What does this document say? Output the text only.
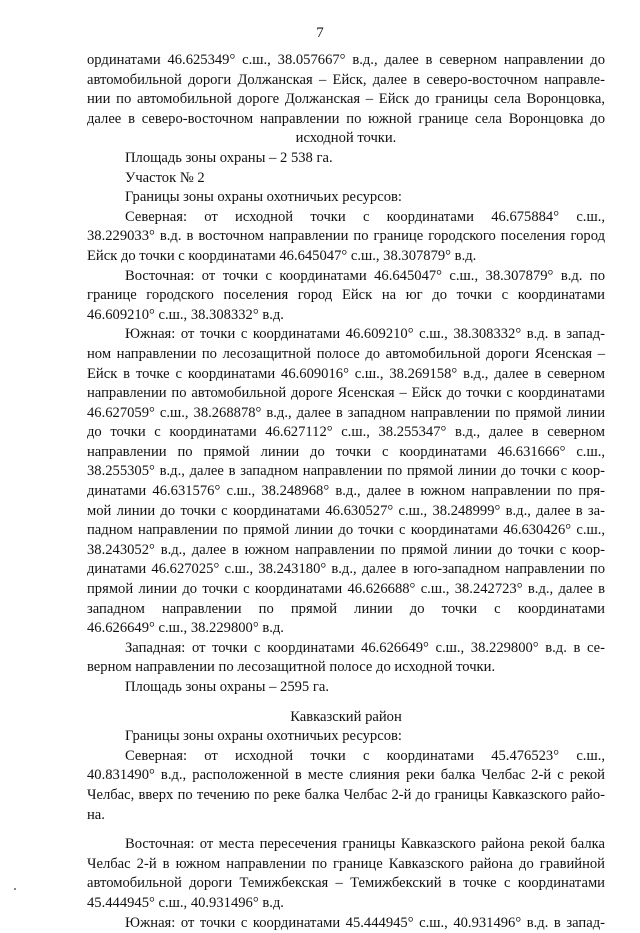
7
ординатами 46.625349° с.ш., 38.057667° в.д., далее в северном направлении до
автомобильной дороги Должанская – Ейск, далее в северо-восточном направле-
нии по автомобильной дороге Должанская – Ейск до границы села Воронцовка,
далее в северо-восточном направлении по южной границе села Воронцовка до
исходной точки.
Площадь зоны охраны – 2 538 га.
Участок № 2
Границы зоны охраны охотничьих ресурсов:
Северная: от исходной точки с координатами 46.675884° с.ш.,
38.229033° в.д. в восточном направлении по границе городского поселения город
Ейск до точки с координатами 46.645047° с.ш., 38.307879° в.д.
Восточная: от точки с координатами 46.645047° с.ш., 38.307879° в.д. по
границе городского поселения город Ейск на юг до точки с координатами
46.609210° с.ш., 38.308332° в.д.
Южная: от точки с координатами 46.609210° с.ш., 38.308332° в.д. в запад-
ном направлении по лесозащитной полосе до автомобильной дороги Ясенская –
Ейск в точке с координатами 46.609016° с.ш., 38.269158° в.д., далее в северном
направлении по автомобильной дороге Ясенская – Ейск до точки с координатами
46.627059° с.ш., 38.268878° в.д., далее в западном направлении по прямой линии
до точки с координатами 46.627112° с.ш., 38.255347° в.д., далее в северном
направлении по прямой линии до точки с координатами 46.631666° с.ш.,
38.255305° в.д., далее в западном направлении по прямой линии до точки с коор-
динатами 46.631576° с.ш., 38.248968° в.д., далее в южном направлении по пря-
мой линии до точки с координатами 46.630527° с.ш., 38.248999° в.д., далее в за-
падном направлении по прямой линии до точки с координатами 46.630426° с.ш.,
38.243052° в.д., далее в южном направлении по прямой линии до точки с коор-
динатами 46.627025° с.ш., 38.243180° в.д., далее в юго-западном направлении по
прямой линии до точки с координатами 46.626688° с.ш., 38.242723° в.д., далее в
западном направлении по прямой линии до точки с координатами
46.626649° с.ш., 38.229800° в.д.
Западная: от точки с координатами 46.626649° с.ш., 38.229800° в.д. в се-
верном направлении по лесозащитной полосе до исходной точки.
Площадь зоны охраны – 2595 га.
Кавказский район
Границы зоны охраны охотничьих ресурсов:
Северная: от исходной точки с координатами 45.476523° с.ш.,
40.831490° в.д., расположенной в месте слияния реки балка Челбас 2-й с рекой
Челбас, вверх по течению по реке балка Челбас 2-й до границы Кавказского райо-
на.
Восточная: от места пересечения границы Кавказского района рекой балка
Челбас 2-й в южном направлении по границе Кавказского района до гравийной
автомобильной дороги Темижбекская – Темижбекский в точке с координатами
45.444945° с.ш., 40.931496° в.д.
Южная: от точки с координатами 45.444945° с.ш., 40.931496° в.д. в запад-
